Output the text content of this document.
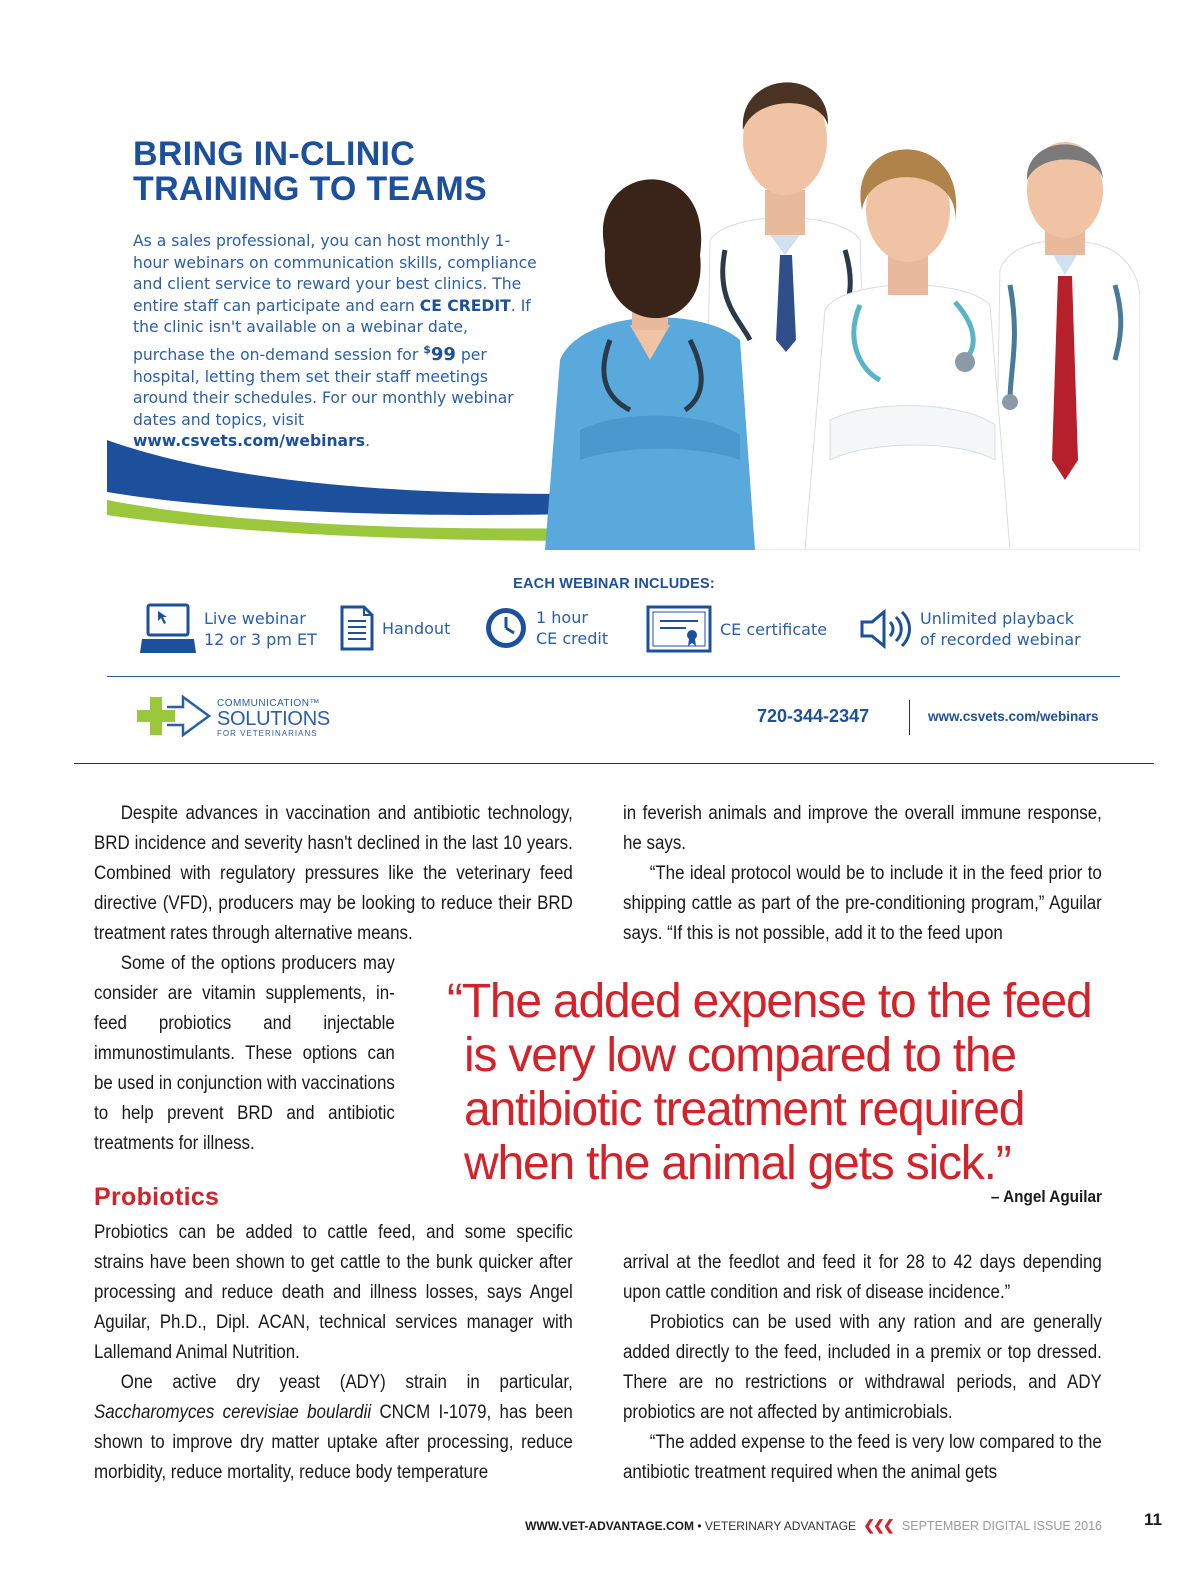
BRING IN-CLINIC
TRAINING TO TEAMS
As a sales professional, you can host monthly 1-hour webinars on communication skills, compliance and client service to reward your best clinics. The entire staff can participate and earn CE CREDIT. If the clinic isn't available on a webinar date, purchase the on-demand session for $99 per hospital, letting them set their staff meetings around their schedules. For our monthly webinar dates and topics, visit www.csvets.com/webinars.
EACH WEBINAR INCLUDES:
Live webinar
12 or 3 pm ET
Handout
1 hour
CE credit	CE certificate
Unlimited playback
of recorded webinar
COMMUNICATION™
SOLUTIONS
FOR VETERINARIANS
720-344-2347	www.csvets.com/webinars

Despite advances in vaccination and antibiotic technology, BRD incidence and severity hasn't declined in the last 10 years. Combined with regulatory pressures like the veterinary feed directive (VFD), producers may be looking to reduce their BRD treatment rates through alternative means.

Some of the options producers may consider are vitamin supplements, in-feed probiotics and injectable immunostimulants. These options can be used in conjunction with vaccinations to help prevent BRD and antibiotic treatments for illness.

in feverish animals and improve the overall immune response, he says.

“The ideal protocol would be to include it in the feed prior to shipping cattle as part of the pre-conditioning program,” Aguilar says. “If this is not possible, add it to the feed upon

“The added expense to the feed
is very low compared to the
antibiotic treatment required
when the animal gets sick.”
– Angel Aguilar
Probiotics

Probiotics can be added to cattle feed, and some specific strains have been shown to get cattle to the bunk quicker after processing and reduce death and illness losses, says Angel Aguilar, Ph.D., Dipl. ACAN, technical services manager with Lallemand Animal Nutrition.

One active dry yeast (ADY) strain in particular, Saccharomyces cerevisiae boulardii CNCM I-1079, has been shown to improve dry matter uptake after processing, reduce morbidity, reduce mortality, reduce body temperature

arrival at the feedlot and feed it for 28 to 42 days depending upon cattle condition and risk of disease incidence.”

Probiotics can be used with any ration and are generally added directly to the feed, included in a premix or top dressed. There are no restrictions or withdrawal periods, and ADY probiotics are not affected by antimicrobials.

“The added expense to the feed is very low compared to the antibiotic treatment required when the animal gets

WWW.VET-ADVANTAGE.COM • VETERINARY ADVANTAGE ❮❮❮ SEPTEMBER DIGITAL ISSUE 2016	11
